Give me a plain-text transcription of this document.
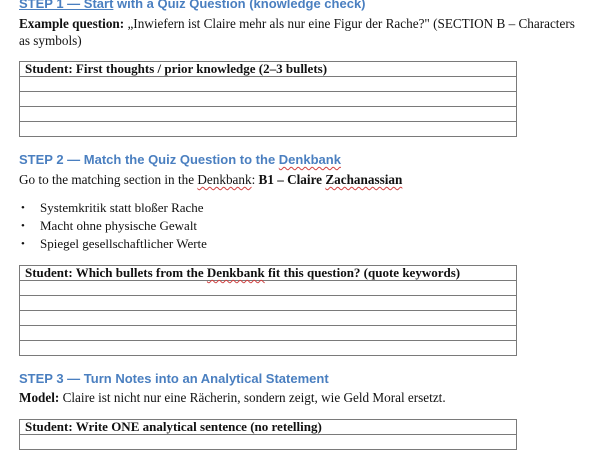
STEP 1 — Start with a Quiz Question (knowledge check)
Example question: „Inwiefern ist Claire mehr als nur eine Figur der Rache?" (SECTION B – Characters as symbols)
Student: First thoughts / prior knowledge (2–3 bullets)

STEP 2 — Match the Quiz Question to the Denkbank
Go to the matching section in the Denkbank: B1 – Claire Zachanassian
• Systemkritik statt bloßer Rache
• Macht ohne physische Gewalt
• Spiegel gesellschaftlicher Werte
Student: Which bullets from the Denkbank fit this question? (quote keywords)

STEP 3 — Turn Notes into an Analytical Statement
Model: Claire ist nicht nur eine Rächerin, sondern zeigt, wie Geld Moral ersetzt.
Student: Write ONE analytical sentence (no retelling)
